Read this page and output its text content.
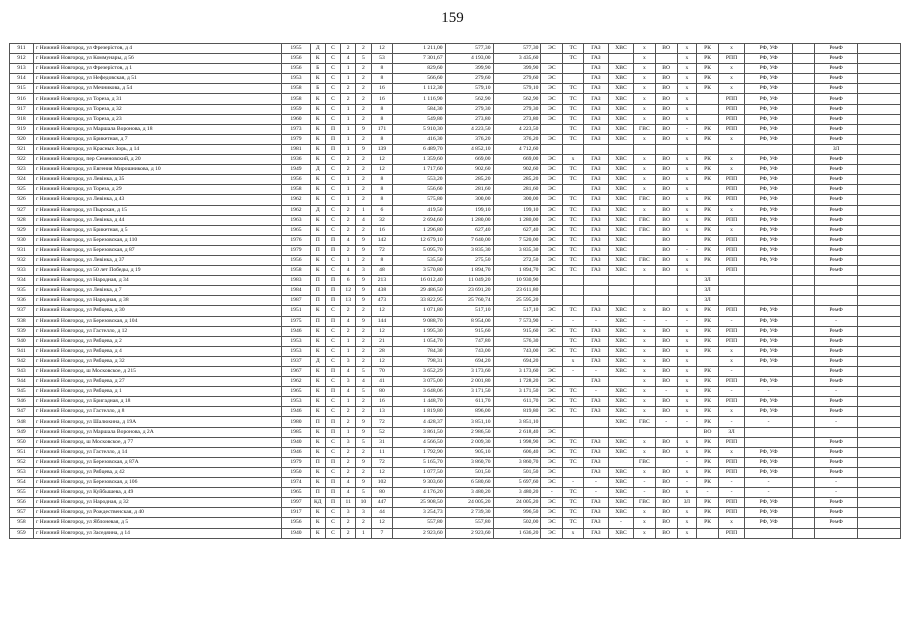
159
911	г Нижний Новгород, ул Фрезерістов, д 4	1955	Д	С	2	2	12	1 211,00	577,30	577,30	ЭС	ТС	ГАЗ	ХВС	х	ВО	х	РК	х	РФ, УФ		РемФ	
912	г Нижний Новгород, ул Коммунары, д 56	1956	К	С	4	5	53	7 301,67	4 193,00	3 435,60		ТС	ГАЗ		х		х	РК	РПП	РФ, УФ		РемФ	
913	г Нижний Новгород, ул Фрезерістов, д 1	1956	Б	С	1	2	8	829,60	399,90	399,90	ЭС		ГАЗ	ХВС	х	ВО	х	РК	х	РФ, УФ		РемФ	
914	г Нижний Новгород, ул Нефедовская, д 51	1953	К	С	1	2	8	566,60	279,60	279,60	ЭС		ГАЗ	ХВС	х	ВО	х	РК	х	РФ, УФ		РемФ	
915	г Нижний Новгород, ул Мечникова, д 54	1958	Б	С	2	2	16	1 112,30	579,10	579,10	ЭС	ТС	ГАЗ	ХВС	х	ВО	х	РК	х	РФ, УФ		РемФ	
916	г Нижний Новгород, ул Тореза, д 31	1958	К	С	2	2	16	1 116,90	562,90	562,90	ЭС	ТС	ГАЗ	ХВС	х	ВО	х		РПП	РФ, УФ		РемФ	
917	г Нижний Новгород, ул Тореза, д 32	1959	К	С	1	2	8	584,30	279,30	279,30	ЭС	ТС	ГАЗ	ХВС	х	ВО	х		РПП	РФ, УФ		РемФ	
918	г Нижний Новгород, ул Тореза, д 23	1960	К	С	1	2	8	549,80	273,80	273,80	ЭС	ТС	ГАЗ	ХВС	х	ВО	х		РПП	РФ, УФ		РемФ	
919	г Нижний Новгород, ул Маршала Воронова, д 18	1973	К	П	1	9	171	5 910,30	4 223,50	4 223,50		ТС	ГАЗ	ХВС	ГВС	ВО	-	РК	РПП	РФ, УФ		РемФ	
920	г Нижний Новгород, ул Брикетная, д 7	1979	К	П	1	2	8	416,30	376,20	376,20	ЭС	ТС	ГАЗ	ХВС	х	ВО	х	РК	х	РФ, УФ		РемФ	
921	г Нижний Новгород, ул Красных Зорь, д 14	1981	К	П	1	9	139	6 489,70	4 852,10	4 712,60												ЗЛ	
922	г Нижний Новгород, пер Семеновский, д 20	1936	К	С	2	2	12	1 359,60	669,00	669,00	ЭС	х	ГАЗ	ХВС	х	ВО	х	РК	х	РФ, УФ		РемФ	
923	г Нижний Новгород, ул Евгения Мирошникова, д 10	1949	Д	С	2	2	12	1 717,60	902,60	902,60	ЭС	ТС	ГАЗ	ХВС	х	ВО	х	РК	х	РФ, УФ		РемФ	
924	г Нижний Новгород, ул Левінка, д 35	1956	К	С	1	2	8	553,20	285,20	285,20	ЭС	ТС	ГАЗ	ХВС	х	ВО	х	РК	РПП	РФ, УФ		РемФ	
925	г Нижний Новгород, ул Тореза, д 29	1958	К	С	1	2	8	556,60	281,60	281,60	ЭС		ГАЗ	ХВС	х	ВО	х		РПП	РФ, УФ		РемФ	
926	г Нижний Новгород, ул Левінка, д 43	1962	К	С	1	2	8	575,80	300,00	300,00	ЭС	ТС	ГАЗ	ХВС	ГВС	ВО	х	РК	РПП	РФ, УФ		РемФ	
927	г Нижний Новгород, ул Пырскан, д 15	1962	Д	С	2	1	6	419,50	199,10	199,10	ЭС	ТС	ГАЗ	ХВС	х	ВО	х	РК	х	РФ, УФ		РемФ	
928	г Нижний Новгород, ул Левінка, д 44	1963	К	С	2	4	32	2 694,60	1 280,00	1 280,00	ЭС	ТС	ГАЗ	ХВС	ГВС	ВО	х	РК	РПП	РФ, УФ		РемФ	
929	г Нижний Новгород, ул Брикетная, д 5	1965	К	С	2	2	16	1 296,80	627,40	627,40	ЭС	ТС	ГАЗ	ХВС	ГВС	ВО	х	РК	х	РФ, УФ		РемФ	
930	г Нижний Новгород, ул Березовская, д 110	1976	П	П	4	9	142	12 679,10	7 640,00	7 520,00	ЭС	ТС	ГАЗ	ХВС		ВО		РК	РПП	РФ, УФ		РемФ	
931	г Нижний Новгород, ул Березовская, д 87	1979	П	П	2	9	72	5 095,70	3 835,30	3 835,30	ЭС	ТС	ГАЗ	ХВС		ВО	-	РК	РПП	РФ, УФ		РемФ	
932	г Нижний Новгород, ул Левінка, д 37	1956	К	С	1	2	8	535,50	275,50	272,50	ЭС	ТС	ГАЗ	ХВС	ГВС	ВО	х	РК	РПП	РФ, УФ		РемФ	
933	г Нижний Новгород, ул 50 лет Победы, д 19	1958	К	С	4	3	48	3 570,80	1 894,70	1 894,70	ЭС	ТС	ГАЗ	ХВС	х	ВО	х		РПП			РемФ	
934	г Нижний Новгород, ул Народная, д 34	1983	П	П	6	9	213	16 012,40	11 049,20	10 930,90								ЗЛ					
935	г Нижний Новгород, ул Левінка, д 7	1984	П	П	12	9	438	29 486,50	23 691,20	23 611,80								ЗЛ					
936	г Нижний Новгород, ул Народная, д 38	1987	П	П	13	9	473	33 822,95	25 760,74	25 595,20								ЗЛ					
937	г Нижний Новгород, ул Рябцева, д 30	1951	К	С	2	2	12	1 071,80	517,10	517,10	ЭС	ТС	ГАЗ	ХВС	х	ВО	х	РК	РПП	РФ, УФ		РемФ	
938	г Нижний Новгород, ул Березовская, д 104	1975	П	П	4	9	144	9 088,70	8 954,00	7 573,90	-	-	-	ХВС	-	-	-	РК	-	РФ, УФ		-	
939	г Нижний Новгород, ул Гастелло, д 12	1946	К	С	2	2	12	1 995,30	915,60	915,60	ЭС	ТС	ГАЗ	ХВС	х	ВО	х	РК	РПП	РФ, УФ		РемФ	
940	г Нижний Новгород, ул Рябцева, д 2	1953	К	С	1	2	21	1 054,70	747,80	576,30		ТС	ГАЗ	ХВС	х	ВО	х	РК	РПП	РФ, УФ		РемФ	
941	г Нижний Новгород, ул Рябцева, д 4	1953	К	С	1	2	28	784,30	743,00	743,00	ЭС	ТС	ГАЗ	ХВС	х	ВО	х	РК	х	РФ, УФ		РемФ	
942	г Нижний Новгород, ул Рябцева, д 32	1937	Д	С	3	2	12	798,31	694,20	694,20		х	ГАЗ	ХВС	х	ВО	х		х	РФ, УФ		РемФ	
943	г Нижний Новгород, ш Московское, д 215	1967	К	П	4	5	70	3 652,29	3 173,60	3 173,60	ЭС	-	-	ХВС	х	ВО	х	РК	-			РемФ	
944	г Нижний Новгород, ул Рябцева, д 27	1962	К	С	3	4	41	3 075,00	2 001,80	1 728,20	ЭС		ГАЗ		х	ВО	х	РК	РПП	РФ, УФ		РемФ	
945	г Нижний Новгород, ул Рябцева, д 1	1965	К	П	4	5	80	3 648,06	3 171,50	3 171,50	ЭС	ТС	-	ХВС	х	-	х	РК	-	-		-	
946	г Нижний Новгород, ул Бригадная, д 18	1953	К	С	1	2	16	1 448,70	611,70	611,70	ЭС	ТС	ГАЗ	ХВС	х	ВО	х	РК	РПП	РФ, УФ		РемФ	
947	г Нижний Новгород, ул Гастелло, д 8	1946	К	С	2	2	13	1 819,80	896,00	819,80	ЭС	ТС	ГАЗ	ХВС	х	ВО	х	РК	х	РФ, УФ		РемФ	
948	г Нижний Новгород, ул Шалюкина, д 19А	1980	П	П	2	9	72	4 428,37	3 851,10	3 851,10				ХВС	ГВС	-	-	РК	-	-		-	
949	г Нижний Новгород, ул Маршала Воронова, д 2А	1985	К	П	1	9	52	3 861,50	2 986,50	2 618,40	ЭС							ВО	ЗЛ				
950	г Нижний Новгород, ш Московское, д 77	1940	К	С	3	5	31	4 566,50	2 009,30	1 998,90	ЭС	ТС	ГАЗ	ХВС	х	ВО	х	РК	РПП			РемФ	
951	г Нижний Новгород, ул Гастелло, д 14	1946	К	С	2	2	11	1 792,90	905,10	606,40	ЭС	ТС	ГАЗ	ХВС	х	ВО	х	РК	х	РФ, УФ		РемФ	
952	г Нижний Новгород, ул Березовская, д 87А	1979	П	П	2	9	72	5 165,70	3 860,70	3 860,70	ЭС	ТС	ГАЗ		ГВС		-	РК	РПП	РФ, УФ		РемФ	
953	г Нижний Новгород, ул Рябцева, д 42	1950	К	С	2	2	12	1 077,50	501,50	501,50	ЭС		ГАЗ	ХВС	х	ВО	х	РК	РПП	РФ, УФ		РемФ	
954	г Нижний Новгород, ул Березовская, д 106	1974	К	П	4	9	102	9 303,60	6 580,60	5 697,60	ЭС	-	-	ХВС	-	ВО	-	РК	-	-		-	
955	г Нижний Новгород, ул Куйбышева, д 49	1965	П	П	4	5	80	4 176,20	3 480,20	3 480,20	-	ТС	-	ХВС	-	ВО	х	-	-	-		-	
956	г Нижний Новгород, ул Народная, д 32	1997	КД	П	11	10	447	25 908,50	24 005,20	24 005,20	ЭС	ТС	ГАЗ	ХВС	ГВС	ВО	ЗЛ	РК	РПП	РФ, УФ		РемФ	
957	г Нижний Новгород, ул Рождественская, д 40	1917	К	С	3	3	44	3 254,73	2 739,30	996,50	ЭС	ТС	ГАЗ	ХВС	х	ВО	х	РК	РПП	РФ, УФ		РемФ	
958	г Нижний Новгород, ул Яблоневая, д 5	1956	К	С	2	2	12	557,80	557,80	502,00	ЭС	ТС	ГАЗ	-	х	ВО	х	РК	х	РФ, УФ		РемФ	
959	г Нижний Новгород, ул Заседяина, д 14	1940	К	С	2	1	7	2 923,60	2 923,60	1 636,20	ЭС	х	ГАЗ	ХВС	х	ВО	х		РПП				
